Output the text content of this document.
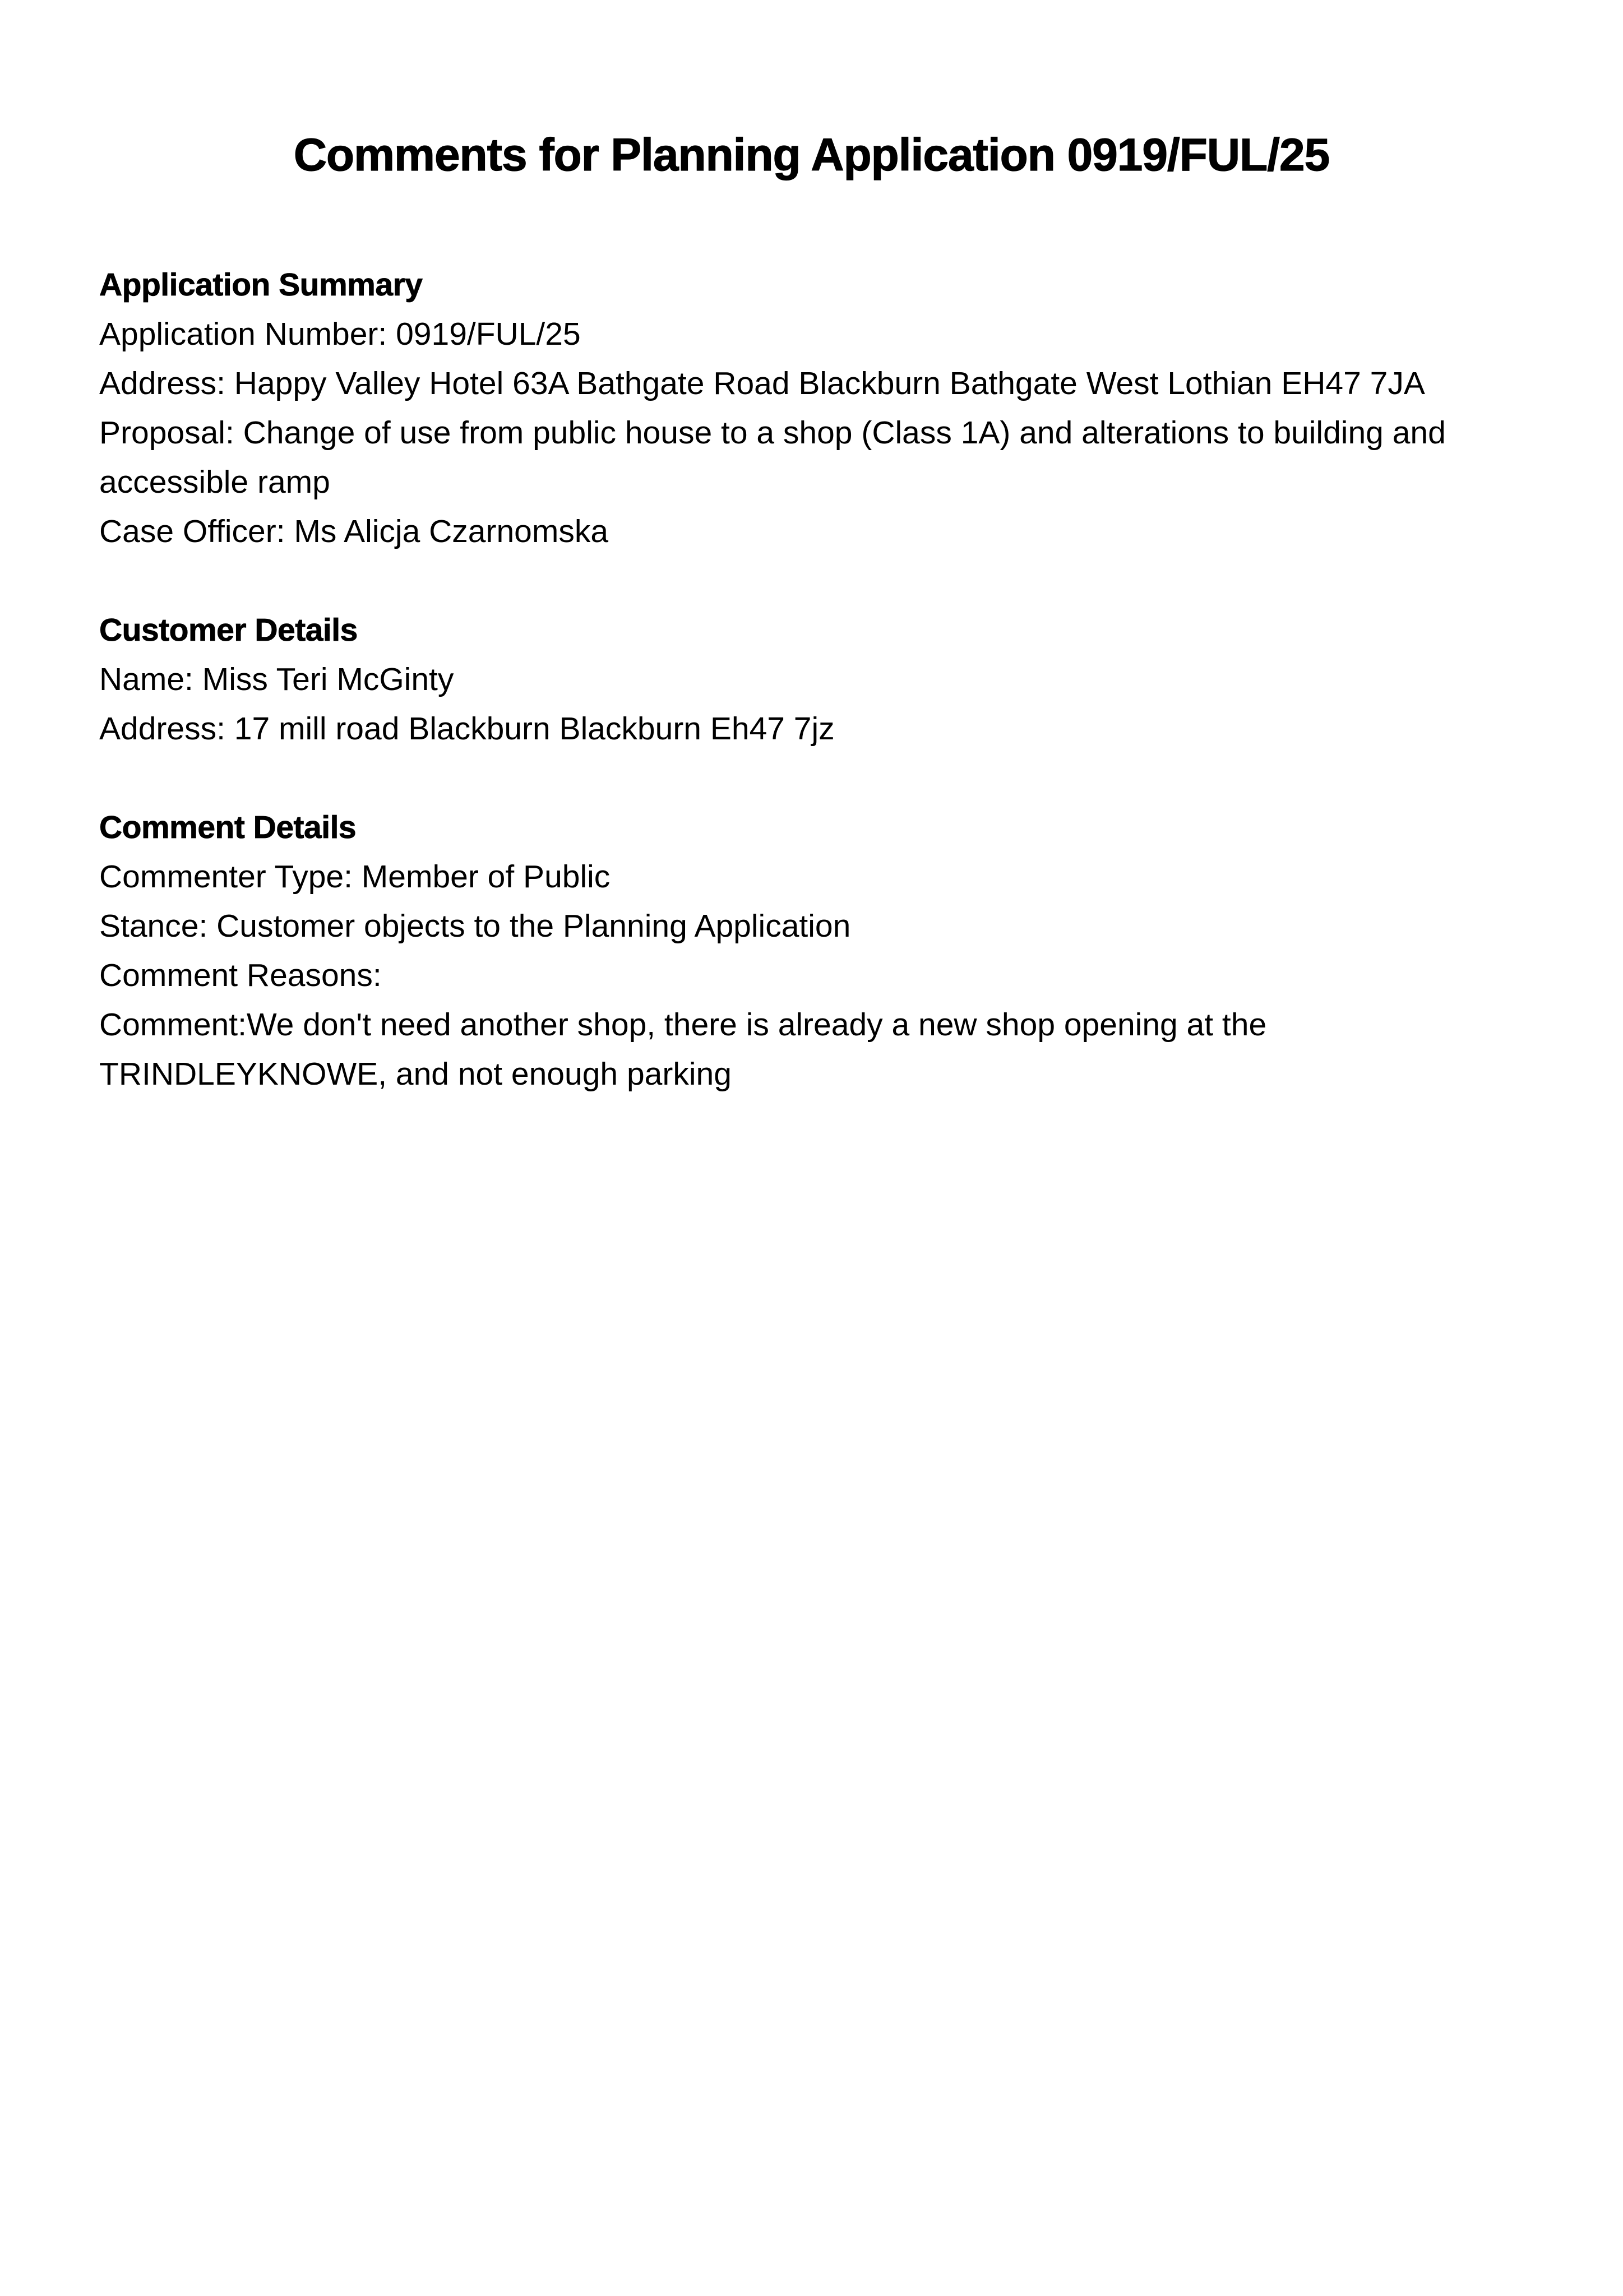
Comments for Planning Application 0919/FUL/25

Application Summary

Application Number: 0919/FUL/25

Address: Happy Valley Hotel 63A Bathgate Road Blackburn Bathgate West Lothian EH47 7JA

Proposal: Change of use from public house to a shop (Class 1A) and alterations to building and accessible ramp

Case Officer: Ms Alicja Czarnomska

Customer Details

Name: Miss Teri McGinty

Address: 17 mill road Blackburn Blackburn Eh47 7jz

Comment Details

Commenter Type: Member of Public

Stance: Customer objects to the Planning Application

Comment Reasons:

Comment:We don't need another shop, there is already a new shop opening at the TRINDLEYKNOWE, and not enough parking
